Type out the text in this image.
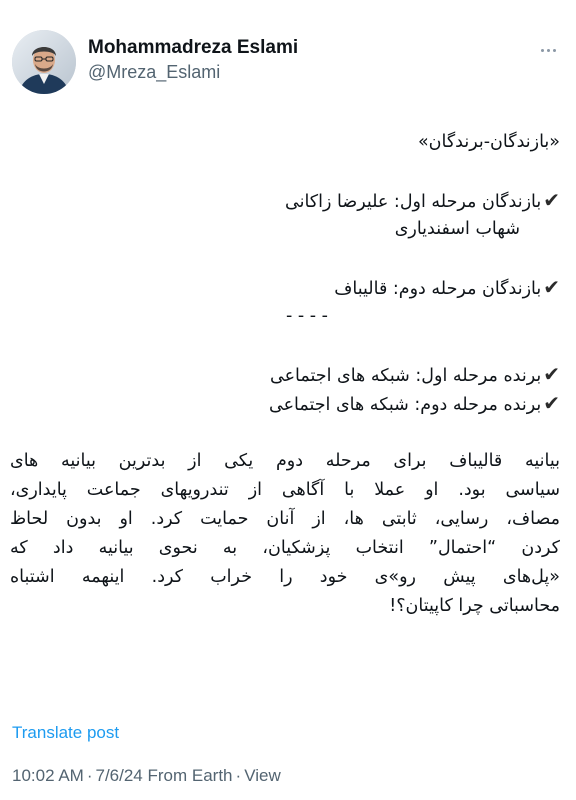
Mohammadreza Eslami
@Mreza_Eslami
«بازندگان-برندگان»
✔بازندگان مرحله اول: علیرضا زاکانی
شهاب اسفندیاری
✔بازندگان مرحله دوم: قالیباف
- - - -
✔برنده مرحله اول: شبکه های اجتماعی
✔برنده مرحله دوم: شبکه های اجتماعی
بیانیه قالیباف برای مرحله دوم یکی از بدترین بیانیه های
سیاسی بود. او عملا با آگاهی از تندرویهای جماعت پایداری،
مصاف، رسایی، ثابتی ها، از آنان حمایت کرد. او بدون لحاظ
کردن “احتمال” انتخاب پزشکیان، به نحوی بیانیه داد که
«پل‌های پیش رو»ی خود را خراب کرد. اینهمه اشتباه
محاسباتی چرا کاپیتان؟!
Translate post
10:02 AM · 7/6/24 From Earth · View
